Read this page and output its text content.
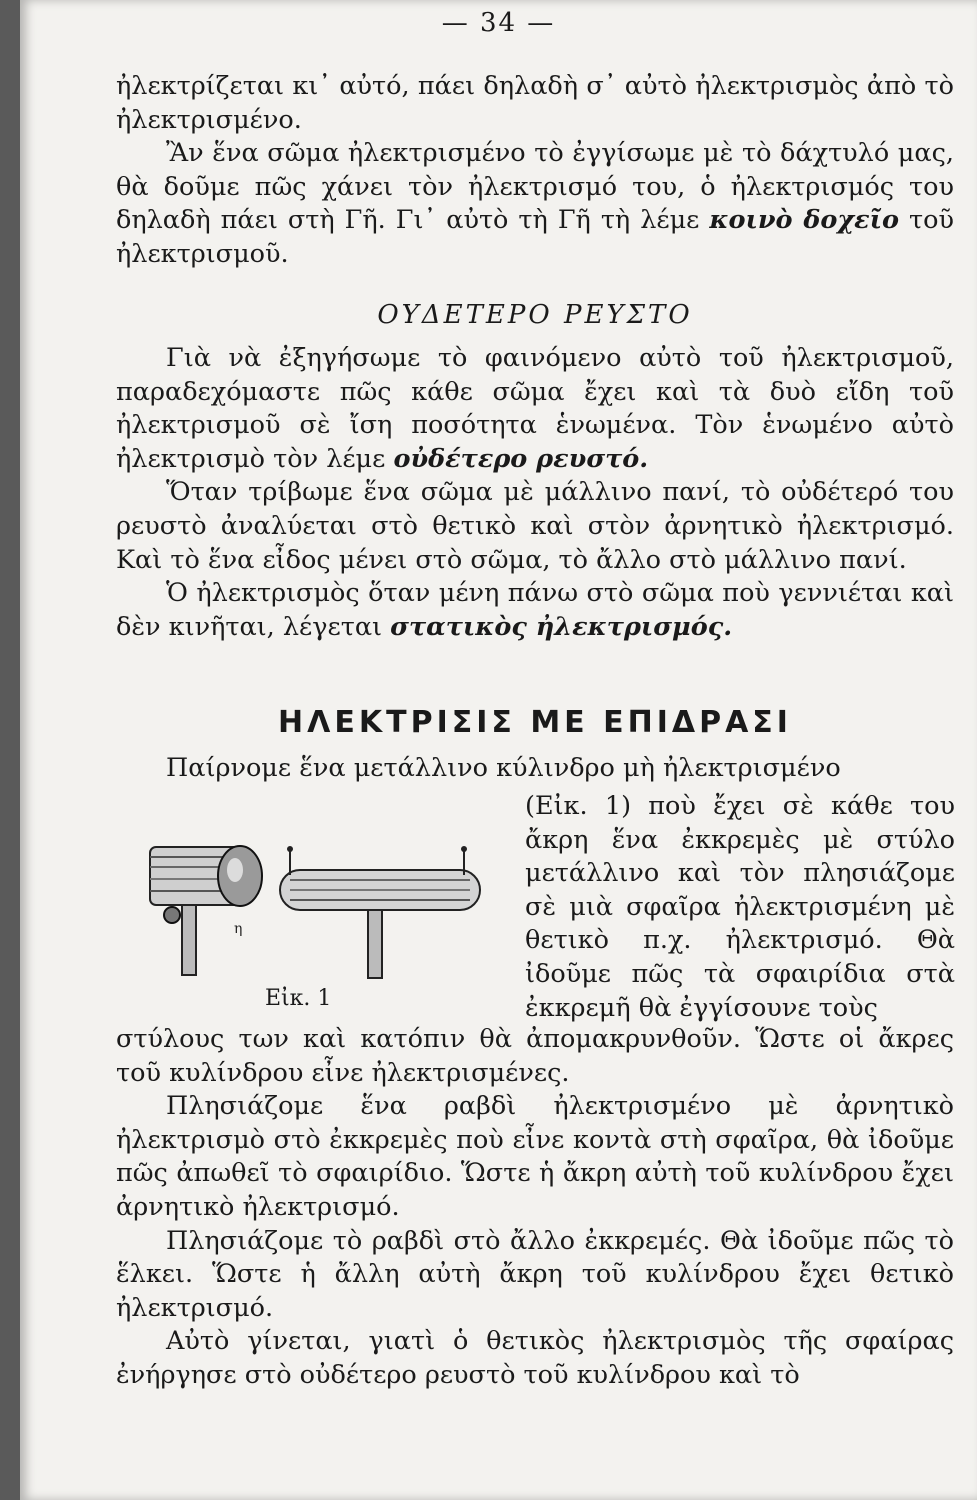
— 34 —

ἠλεκτρίζεται κι᾽ αὐτό, πάει δηλαδὴ σ᾽ αὐτὸ ἠλεκτρισμὸς ἀπὸ τὸ ἠλεκτρισμένο.

Ἂν ἕνα σῶμα ἠλεκτρισμένο τὸ ἐγγίσωμε μὲ τὸ δάχτυλό μας, θὰ δοῦμε πῶς χάνει τὸν ἠλεκτρισμό του, ὁ ἠλεκτρισμός του δηλαδὴ πάει στὴ Γῆ. Γι᾽ αὐτὸ τὴ Γῆ τὴ λέμε κοινὸ δοχεῖο τοῦ ἠλεκτρισμοῦ.

ΟΥΔΕΤΕΡΟ ΡΕΥΣΤΟ

Γιὰ νὰ ἐξηγήσωμε τὸ φαινόμενο αὐτὸ τοῦ ἠλεκτρισμοῦ, παραδεχόμαστε πῶς κάθε σῶμα ἔχει καὶ τὰ δυὸ εἴδη τοῦ ἠλεκτρισμοῦ σὲ ἴση ποσότητα ἑνωμένα. Τὸν ἑνωμένο αὐτὸ ἠλεκτρισμὸ τὸν λέμε οὐδέτερο ρευστό.

Ὅταν τρίβωμε ἕνα σῶμα μὲ μάλλινο πανί, τὸ οὐδέτερό του ρευστὸ ἀναλύεται στὸ θετικὸ καὶ στὸν ἀρνητικὸ ἠλεκτρισμό. Καὶ τὸ ἕνα εἶδος μένει στὸ σῶμα, τὸ ἄλλο στὸ μάλλινο πανί.

Ὁ ἠλεκτρισμὸς ὅταν μένη πάνω στὸ σῶμα ποὺ γεννιέται καὶ δὲν κινῆται, λέγεται στατικὸς ἠλεκτρισμός.

ΗΛΕΚΤΡΙΣΙΣ ΜΕ ΕΠΙΔΡΑΣΙ

Παίρνομε ἕνα μετάλλινο κύλινδρο μὴ ἠλεκτρισμένο

(Εἰκ. 1) ποὺ ἔχει σὲ κάθε του ἄκρη ἕνα ἐκκρεμὲς μὲ στύλο μετάλλινο καὶ τὸν πλησιάζομε σὲ μιὰ σφαῖρα ἠλεκτρισμένη μὲ θετικὸ π.χ. ἠλεκτρισμό. Θὰ ἰδοῦμε πῶς τὰ σφαιρίδια στὰ ἐκκρεμῆ θὰ ἐγγίσουνε τοὺς
η
Εἰκ. 1

στύλους των καὶ κατόπιν θὰ ἀπομακρυνθοῦν. Ὥστε οἱ ἄκρες τοῦ κυλίνδρου εἶνε ἠλεκτρισμένες.

Πλησιάζομε ἕνα ραβδὶ ἠλεκτρισμένο μὲ ἀρνητικὸ ἠλεκτρισμὸ στὸ ἐκκρεμὲς ποὺ εἶνε κοντὰ στὴ σφαῖρα, θὰ ἰδοῦμε πῶς ἀπωθεῖ τὸ σφαιρίδιο. Ὥστε ἡ ἄκρη αὐτὴ τοῦ κυλίνδρου ἔχει ἀρνητικὸ ἠλεκτρισμό.

Πλησιάζομε τὸ ραβδὶ στὸ ἄλλο ἐκκρεμές. Θὰ ἰδοῦμε πῶς τὸ ἕλκει. Ὥστε ἡ ἄλλη αὐτὴ ἄκρη τοῦ κυλίνδρου ἔχει θετικὸ ἠλεκτρισμό.

Αὐτὸ γίνεται, γιατὶ ὁ θετικὸς ἠλεκτρισμὸς τῆς σφαίρας ἐνήργησε στὸ οὐδέτερο ρευστὸ τοῦ κυλίνδρου καὶ τὸ
